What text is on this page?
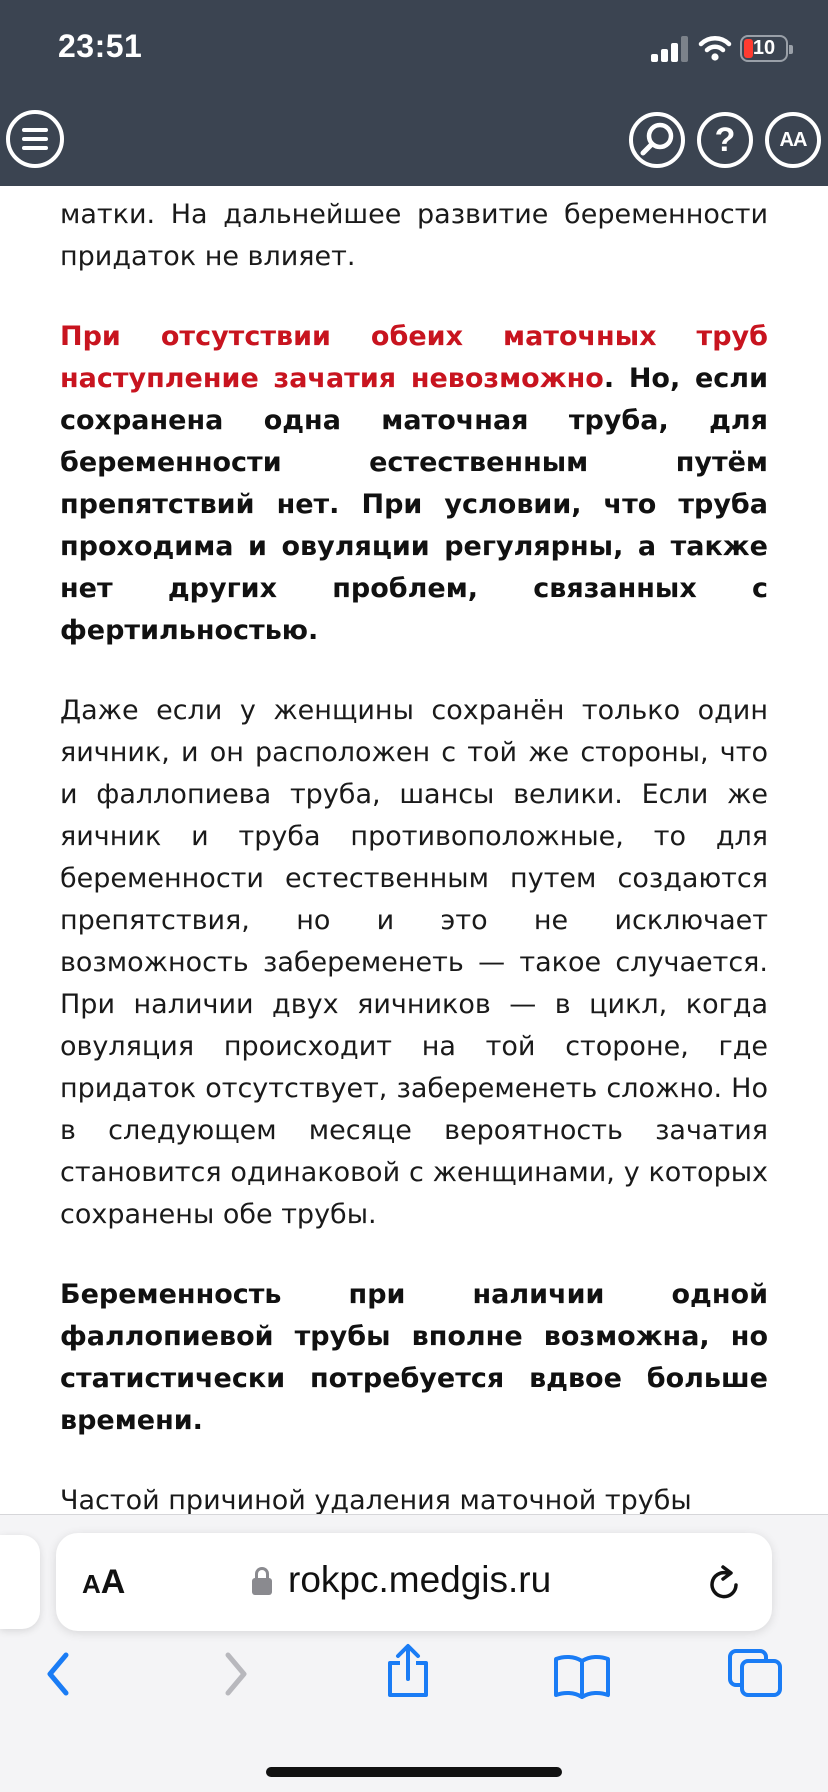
23:51	10
?	AA

матки. На дальнейшее развитие беременности придаток не влияет.

При отсутствии обеих маточных труб наступление зачатия невозможно. Но, если сохранена одна маточная труба, для беременности естественным путём препятствий нет. При условии, что труба проходима и овуляции регулярны, а также нет других проблем, связанных с фертильностью.

Даже если у женщины сохранён только один яичник, и он расположен с той же стороны, что и фаллопиева труба, шансы велики. Если же яичник и труба противоположные, то для беременности естественным путем создаются препятствия, но и это не исключает возможность забеременеть — такое случается. При наличии двух яичников — в цикл, когда овуляция происходит на той стороне, где придаток отсутствует, забеременеть сложно. Но в следующем месяце вероятность зачатия становится одинаковой с женщинами, у которых сохранены обе трубы.

Беременность при наличии одной фаллопиевой трубы вполне возможна, но статистически потребуется вдвое больше времени.

Частой причиной удаления маточной трубы

AA	rokpc.medgis.ru
